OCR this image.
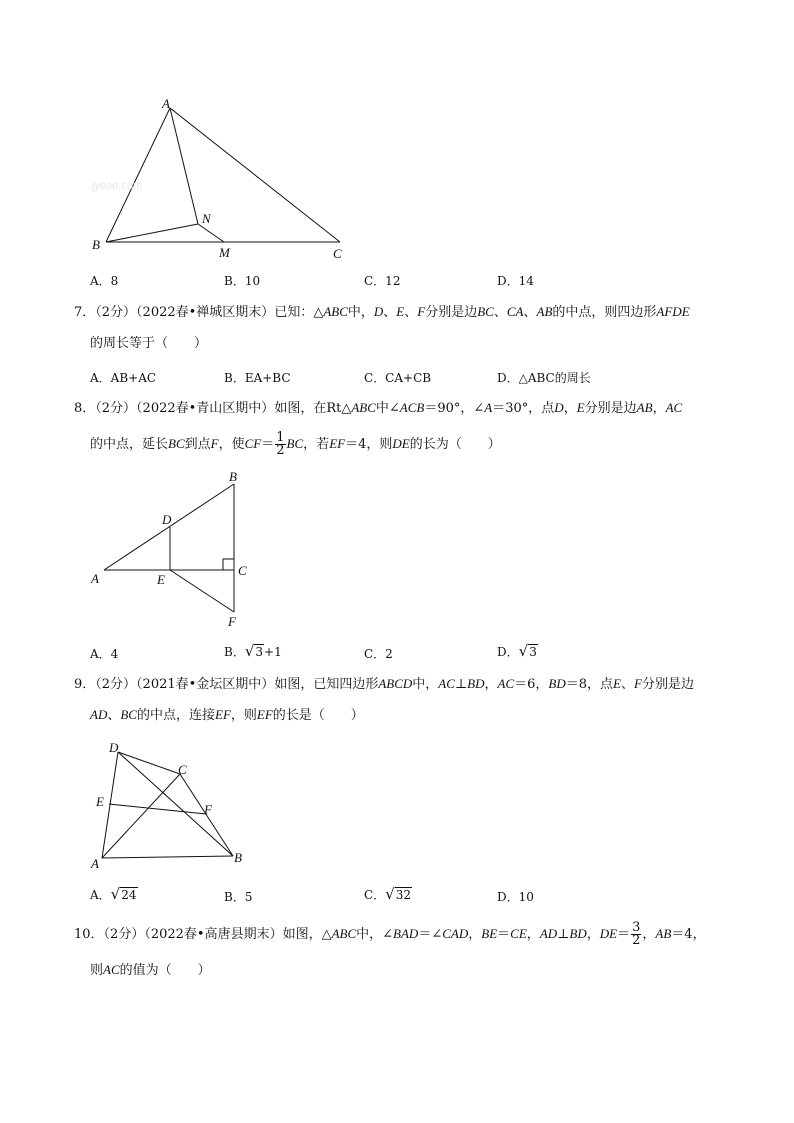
A
B
C
M
N
jyeoo.com
A．8	B．10	C．12	D．14
7．（2分）（2022春•禅城区期末）已知：△ABC中，D、E、F分别是边BC、CA、AB的中点，则四边形AFDE
的周长等于（　　）
A．AB+AC	B．EA+BC	C．CA+CB	D．△ABC的周长
8．（2分）（2022春•青山区期中）如图，在Rt△ABC中∠ACB＝90°，∠A＝30°，点D，E分别是边AB，AC
的中点，延长BC到点F，使$CF= \frac{1}{2}$ BC，若EF＝4，则DE的长为（　　）
A
B
C
D
E
F
A．4	B．√3+1	C．2	D．√3
9．（2分）（2021春•金坛区期中）如图，已知四边形ABCD中，AC⊥BD，AC＝6，BD＝8，点E、F分别是边
AD、BC的中点，连接EF，则EF的长是（　　）
A	B
C
D
E
F
A．√24	B．5	C．√32	D．10
10．（2分）（2022春•高唐县期末）如图，△ABC中，∠BAD＝∠CAD，BE＝CE，AD⊥BD，$DE= \frac{3}{2}$ ，AB＝4，
则AC的值为（　　）
